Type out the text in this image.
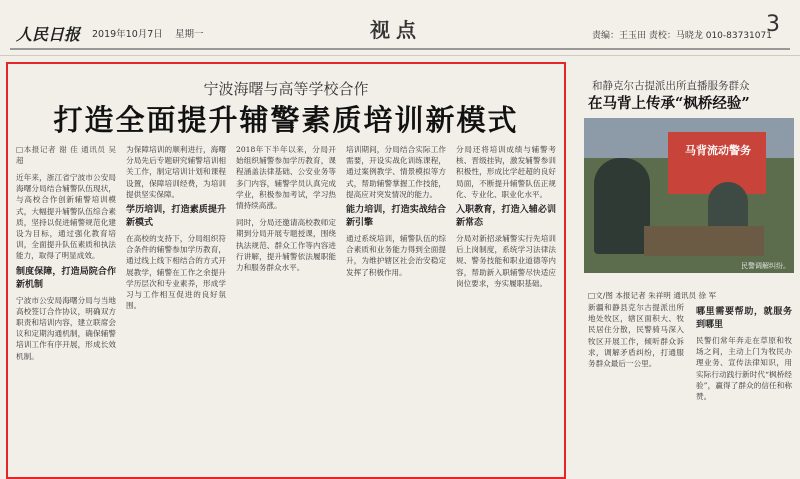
人民日报 2019年10月7日 星期一	视点	责编：王玉田 责校：马晓龙 010-83731071
3
宁波海曙与高等学校合作
打造全面提升辅警素质培训新模式
□本报记者 谢 佳 通讯员 吴 超

近年来，浙江省宁波市公安局海曙分局结合辅警队伍现状，与高校合作创新辅警培训模式，大幅提升辅警队伍综合素质，坚持以促进辅警规范化建设为目标，通过强化教育培训，全面提升队伍素质和执法能力，取得了明显成效。

制度保障，打造局院合作新机制

宁波市公安局海曙分局与当地高校签订合作协议，明确双方职责和培训内容，建立联席会议和定期沟通机制，确保辅警培训工作有序开展，形成长效机制。

为保障培训的顺利进行，海曙分局先后专题研究辅警培训相关工作，制定培训计划和课程设置，保障培训经费，为培训提供坚实保障。

学历培训，打造素质提升新模式

在高校的支持下，分局组织符合条件的辅警参加学历教育，通过线上线下相结合的方式开展教学，辅警在工作之余提升学历层次和专业素养，形成学习与工作相互促进的良好氛围。

2018年下半年以来，分局开始组织辅警参加学历教育，课程涵盖法律基础、公安业务等多门内容，辅警学员认真完成学业，积极参加考试，学习热情持续高涨。

同时，分局还邀请高校教师定期到分局开展专题授课，围绕执法规范、群众工作等内容进行讲解，提升辅警依法履职能力和服务群众水平。

培训期间，分局结合实际工作需要，开设实战化训练课程，通过案例教学、情景模拟等方式，帮助辅警掌握工作技能，提高应对突发情况的能力。

能力培训，打造实战结合新引擎

通过系统培训，辅警队伍的综合素质和业务能力得到全面提升，为维护辖区社会治安稳定发挥了积极作用。

分局还将培训成绩与辅警考核、晋级挂钩，激发辅警参训积极性，形成比学赶超的良好局面，不断提升辅警队伍正规化、专业化、职业化水平。

入职教育，打造入辅必训新常态

分局对新招录辅警实行先培训后上岗制度，系统学习法律法规、警务技能和职业道德等内容，帮助新入职辅警尽快适应岗位要求，夯实履职基础。

和静克尔古提派出所直播服务群众
在马背上传承“枫桥经验”
马背流动警务
民警调解纠纷。
□文/图 本报记者 朱祥明 通讯员 徐 军

新疆和静县克尔古提派出所地处牧区，辖区面积大、牧民居住分散，民警骑马深入牧区开展工作，倾听群众诉求，调解矛盾纠纷，打通服务群众最后一公里。

哪里需要帮助，就服务到哪里

民警们常年奔走在草原和牧场之间，主动上门为牧民办理业务、宣传法律知识，用实际行动践行新时代“枫桥经验”，赢得了群众的信任和称赞。
